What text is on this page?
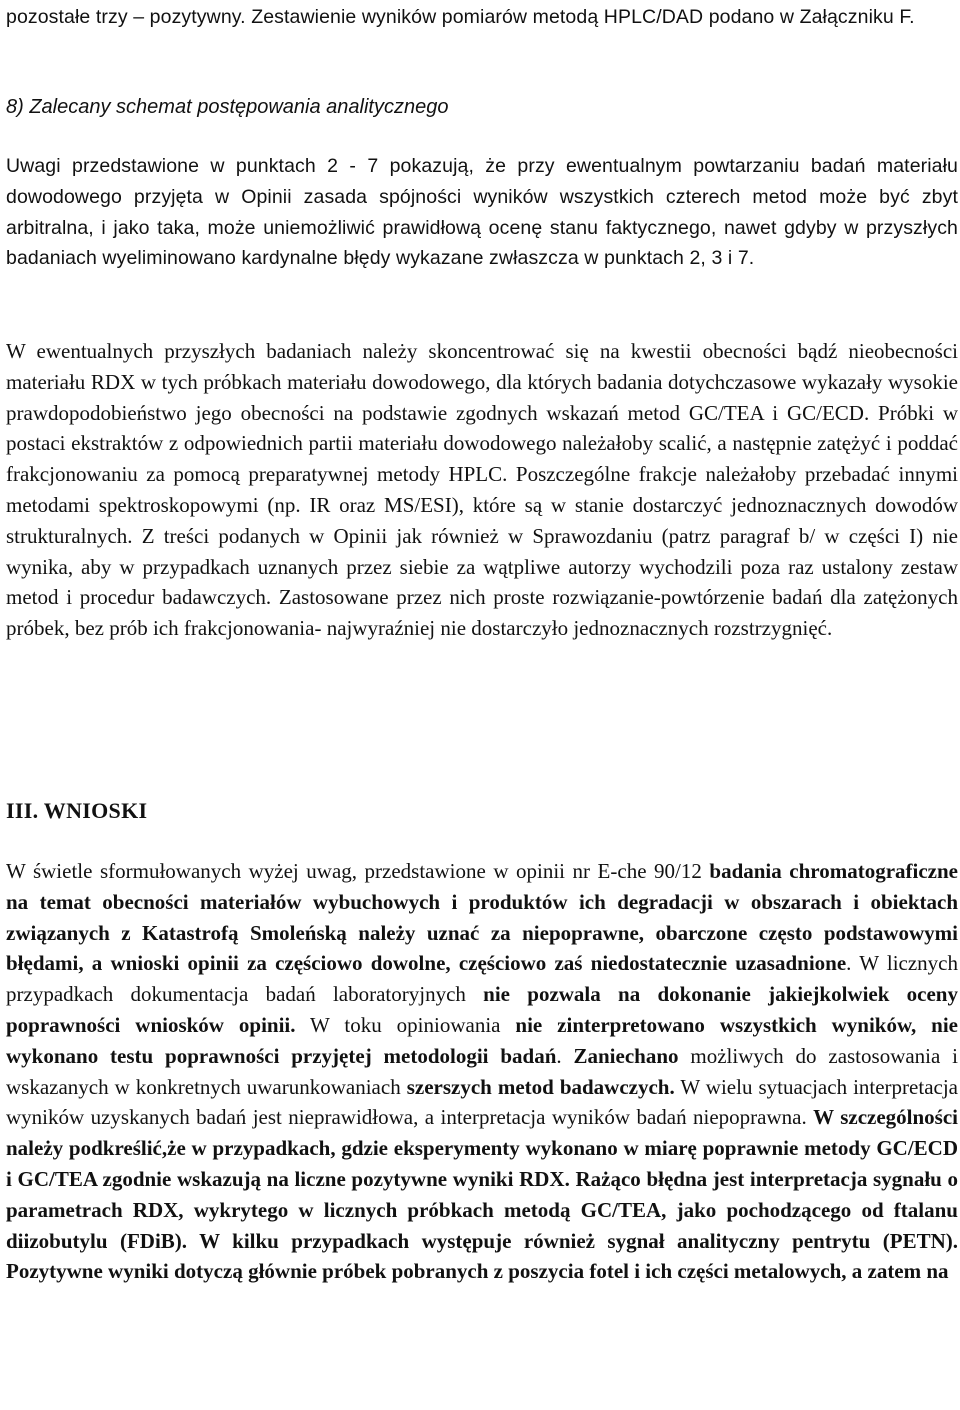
pozostałe trzy – pozytywny. Zestawienie wyników pomiarów metodą HPLC/DAD podano w Załączniku F.

8) Zalecany schemat postępowania analitycznego

Uwagi przedstawione w punktach 2 - 7 pokazują, że przy ewentualnym powtarzaniu badań materiału dowodowego przyjęta w Opinii zasada spójności wyników wszystkich czterech metod może być zbyt arbitralna, i jako taka, może uniemożliwić prawidłową ocenę stanu faktycznego, nawet gdyby w przyszłych badaniach wyeliminowano kardynalne błędy wykazane zwłaszcza w punktach 2, 3 i 7.

W ewentualnych przyszłych badaniach należy skoncentrować się na kwestii obecności bądź nieobecności materiału RDX w tych próbkach materiału dowodowego, dla których badania dotychczasowe wykazały wysokie prawdopodobieństwo jego obecności na podstawie zgodnych wskazań metod GC/TEA i GC/ECD. Próbki w postaci ekstraktów z odpowiednich partii materiału dowodowego należałoby scalić, a następnie zatężyć i poddać frakcjonowaniu za pomocą preparatywnej metody HPLC. Poszczególne frakcje należałoby przebadać innymi metodami spektroskopowymi (np. IR oraz MS/ESI), które są w stanie dostarczyć jednoznacznych dowodów strukturalnych. Z treści podanych w Opinii jak również w Sprawozdaniu (patrz paragraf b/ w części I) nie wynika, aby w przypadkach uznanych przez siebie za wątpliwe autorzy wychodzili poza raz ustalony zestaw metod i procedur badawczych. Zastosowane przez nich proste rozwiązanie-powtórzenie badań dla zatężonych próbek, bez prób ich frakcjonowania- najwyraźniej nie dostarczyło jednoznacznych rozstrzygnięć.

III. WNIOSKI

W świetle sformułowanych wyżej uwag, przedstawione w opinii nr E-che 90/12 badania chromatograficzne na temat obecności materiałów wybuchowych i produktów ich degradacji w obszarach i obiektach związanych z Katastrofą Smoleńską należy uznać za niepoprawne, obarczone często podstawowymi błędami, a wnioski opinii za częściowo dowolne, częściowo zaś niedostatecznie uzasadnione. W licznych przypadkach dokumentacja badań laboratoryjnych nie pozwala na dokonanie jakiejkolwiek oceny poprawności wniosków opinii. W toku opiniowania nie zinterpretowano wszystkich wyników, nie wykonano testu poprawności przyjętej metodologii badań. Zaniechano możliwych do zastosowania i wskazanych w konkretnych uwarunkowaniach szerszych metod badawczych. W wielu sytuacjach interpretacja wyników uzyskanych badań jest nieprawidłowa, a interpretacja wyników badań niepoprawna. W szczególności należy podkreślić,że w przypadkach, gdzie eksperymenty wykonano w miarę poprawnie metody GC/ECD i GC/TEA zgodnie wskazują na liczne pozytywne wyniki RDX. Rażąco błędna jest interpretacja sygnału o parametrach RDX, wykrytego w licznych próbkach metodą GC/TEA, jako pochodzącego od ftalanu diizobutylu (FDiB). W kilku przypadkach występuje również sygnał analityczny pentrytu (PETN). Pozytywne wyniki dotyczą głównie próbek pobranych z poszycia fotel i ich części metalowych, a zatem na
